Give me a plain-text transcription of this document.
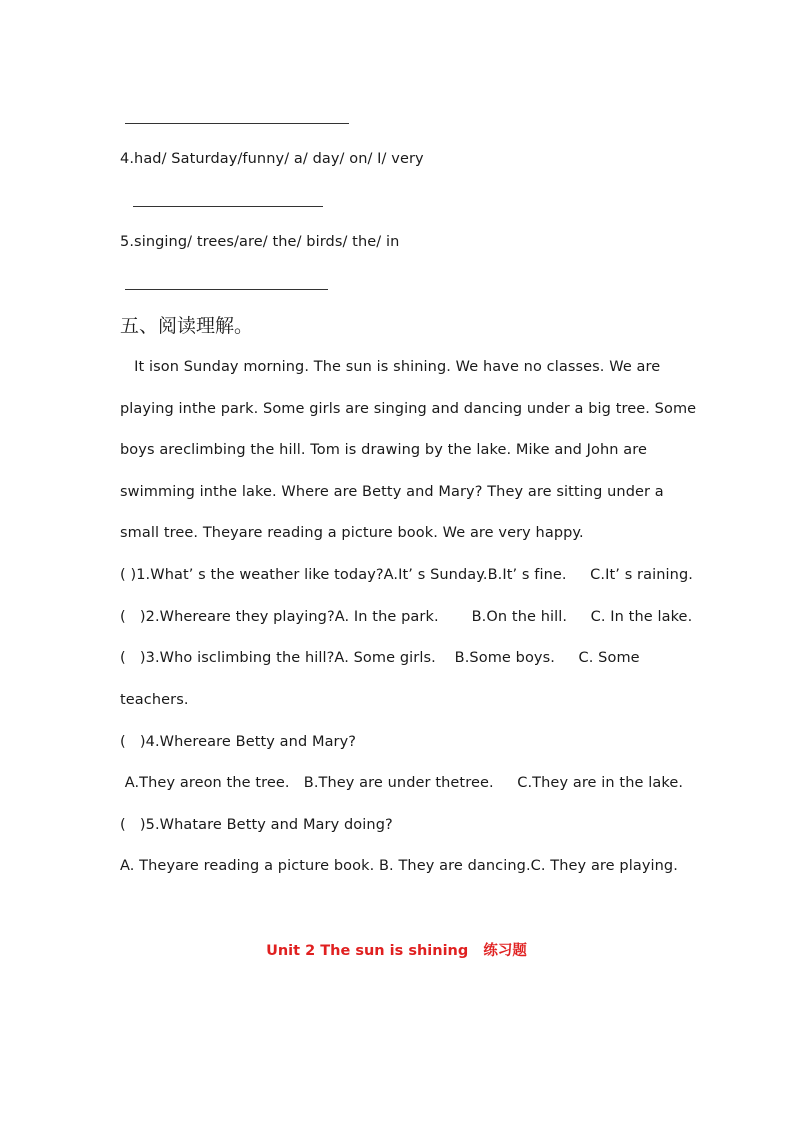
4.had/ Saturday/funny/ a/ day/ on/ I/ very
5.singing/ trees/are/ the/ birds/ the/ in
五、阅读理解。
It ison Sunday morning. The sun is shining. We have no classes. We are
playing inthe park. Some girls are singing and dancing under a big tree. Some
boys areclimbing the hill. Tom is drawing by the lake. Mike and John are
swimming inthe lake. Where are Betty and Mary? They are sitting under a
small tree. Theyare reading a picture book. We are very happy.
( )1.What’ s the weather like today?A.It’ s Sunday.B.It’ s fine.     C.It’ s raining.
(   )2.Whereare they playing?A. In the park.       B.On the hill.     C. In the lake.
(   )3.Who isclimbing the hill?A. Some girls.    B.Some boys.     C. Some
teachers.
(   )4.Whereare Betty and Mary?
A.They areon the tree.   B.They are under thetree.     C.They are in the lake.
(   )5.Whatare Betty and Mary doing?
A. Theyare reading a picture book. B. They are dancing.C. They are playing.
Unit 2 The sun is shining   练习题
